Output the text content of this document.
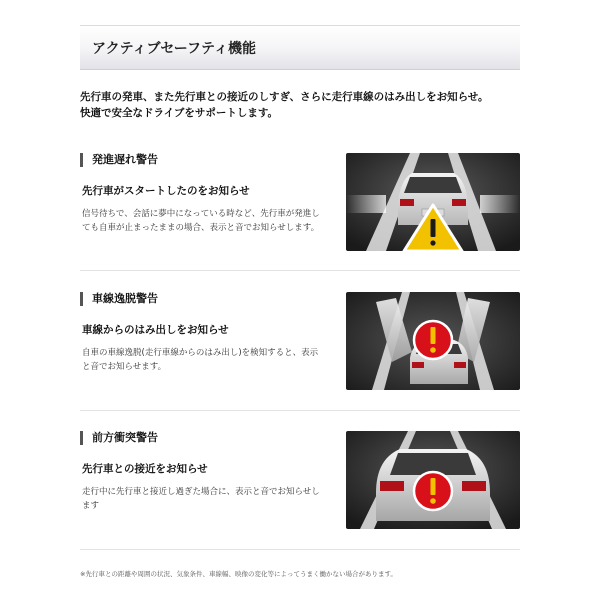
アクティブセーフティ機能
先行車の発車、また先行車との接近のしすぎ、さらに走行車線のはみ出しをお知らせ。
快適で安全なドライブをサポートします。
発進遅れ警告
先行車がスタートしたのをお知らせ
信号待ちで、会話に夢中になっている時など、先行車が発進し
ても自車が止まったままの場合、表示と音でお知らせします。
車線逸脱警告
車線からのはみ出しをお知らせ
自車の車線逸脱(走行車線からのはみ出し)を検知すると、表示
と音でお知らせます。
前方衝突警告
先行車との接近をお知らせ
走行中に先行車と接近し過ぎた場合に、表示と音でお知らせし
ます
※先行車との距離や周囲の状況、気象条件、車線幅、映像の変化等によってうまく働かない場合があります。
